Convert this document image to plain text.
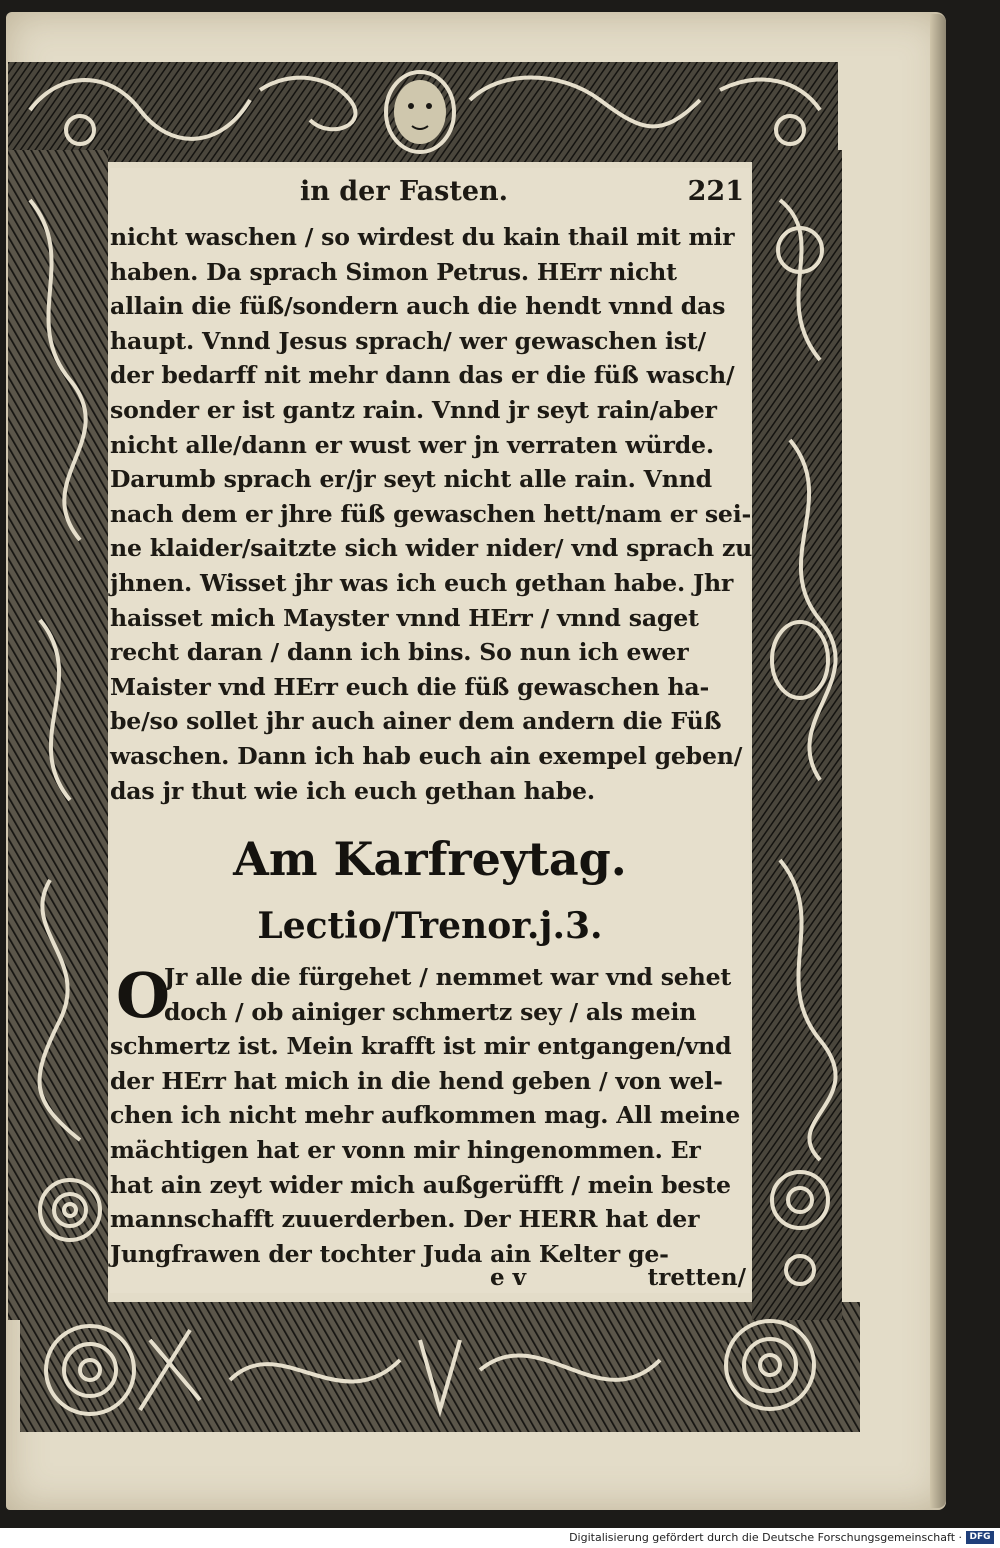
in der Fasten.	221
nicht waschen / so wirdest du kain thail mit mir
haben. Da sprach Simon Petrus. HErr nicht
allain die füß/sondern auch die hendt vnnd das
haupt. Vnnd Jesus sprach/ wer gewaschen ist/
der bedarff nit mehr dann das er die füß wasch/
sonder er ist gantz rain. Vnnd jr seyt rain/aber
nicht alle/dann er wust wer jn verraten würde.
Darumb sprach er/jr seyt nicht alle rain. Vnnd
nach dem er jhre füß gewaschen hett/nam er sei-
ne klaider/saitzte sich wider nider/ vnd sprach zu
jhnen. Wisset jhr was ich euch gethan habe. Jhr
haisset mich Mayster vnnd HErr / vnnd saget
recht daran / dann ich bins. So nun ich ewer
Maister vnd HErr euch die füß gewaschen ha-
be/so sollet jhr auch ainer dem andern die Füß
waschen. Dann ich hab euch ain exempel geben/
das jr thut wie ich euch gethan habe.
Am Karfreytag.
Lectio/Trenor.j.3.
O
Jr alle die fürgehet / nemmet war vnd sehet
doch / ob ainiger schmertz sey / als mein
schmertz ist. Mein krafft ist mir entgangen/vnd
der HErr hat mich in die hend geben / von wel-
chen ich nicht mehr aufkommen mag. All meine
mächtigen hat er vonn mir hingenommen. Er
hat ain zeyt wider mich außgerüfft / mein beste
mannschafft zuuerderben. Der HERR hat der
Jungfrawen der tochter Juda ain Kelter ge-
e v	tretten/
Digitalisierung gefördert durch die Deutsche Forschungsgemeinschaft · DFG
